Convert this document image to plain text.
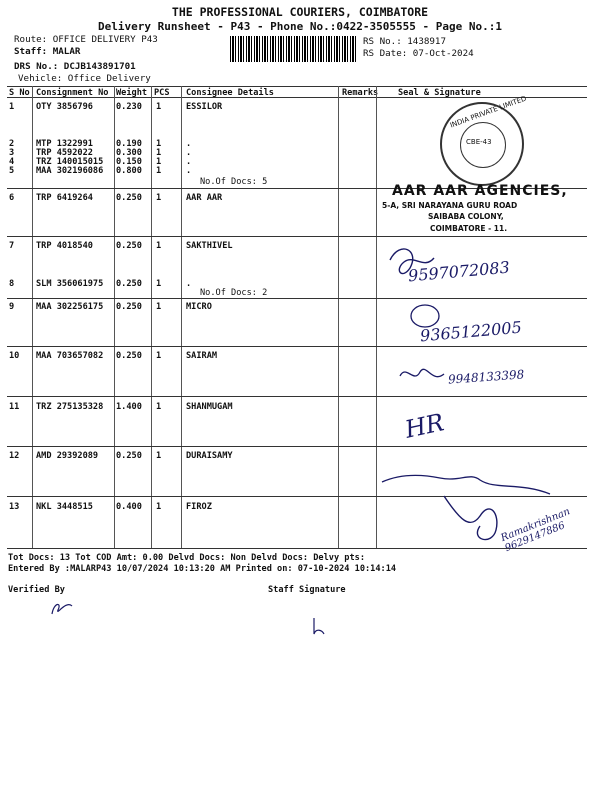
THE PROFESSIONAL COURIERS, COIMBATORE
Delivery Runsheet - P43 - Phone No.:0422-3505555 - Page No.:1
Route: OFFICE DELIVERY P43
Staff: MALAR
DRS No.: DCJB143891701
Vehicle: Office Delivery
RS No.: 1438917
RS Date: 07-Oct-2024
S No Consignment No Weight PCS Consignee Details	Remarks Seal & Signature
1	OTY 3856796	0.230 1	ESSILOR
2	MTP 1322991	0.190 1	.
3	TRP 4592022	0.300 1	.
4	TRZ 140015015 0.150 1	.
5	MAA 302196086 0.800 1	.
No.Of Docs: 5
6	TRP 6419264	0.250 1	AAR AAR
7	TRP 4018540	0.250 1	SAKTHIVEL
8	SLM 356061975 0.250 1	.
No.Of Docs: 2
9	MAA 302256175 0.250 1	MICRO
10 MAA 703657082 0.250 1	SAIRAM
11 TRZ 275135328 1.400 1	SHANMUGAM
12 AMD 29392089 0.250 1	DURAISAMY
13 NKL 3448515	0.400 1	FIROZ
INDIA PRIVATE LIMITED
CBE-43
AAR AAR AGENCIES,
5-A, SRI NARAYANA GURU ROAD
SAIBABA COLONY,
COIMBATORE - 11.
9597072083
9365122005
9948133398
HR
Ramakrishnan 9629147886
Tot Docs: 13 Tot COD Amt: 0.00 Delvd Docs: Non Delvd Docs: Delvy pts:
Entered By :MALARP43 10/07/2024 10:13:20 AM Printed on: 07-10-2024 10:14:14
Verified By	Staff Signature
